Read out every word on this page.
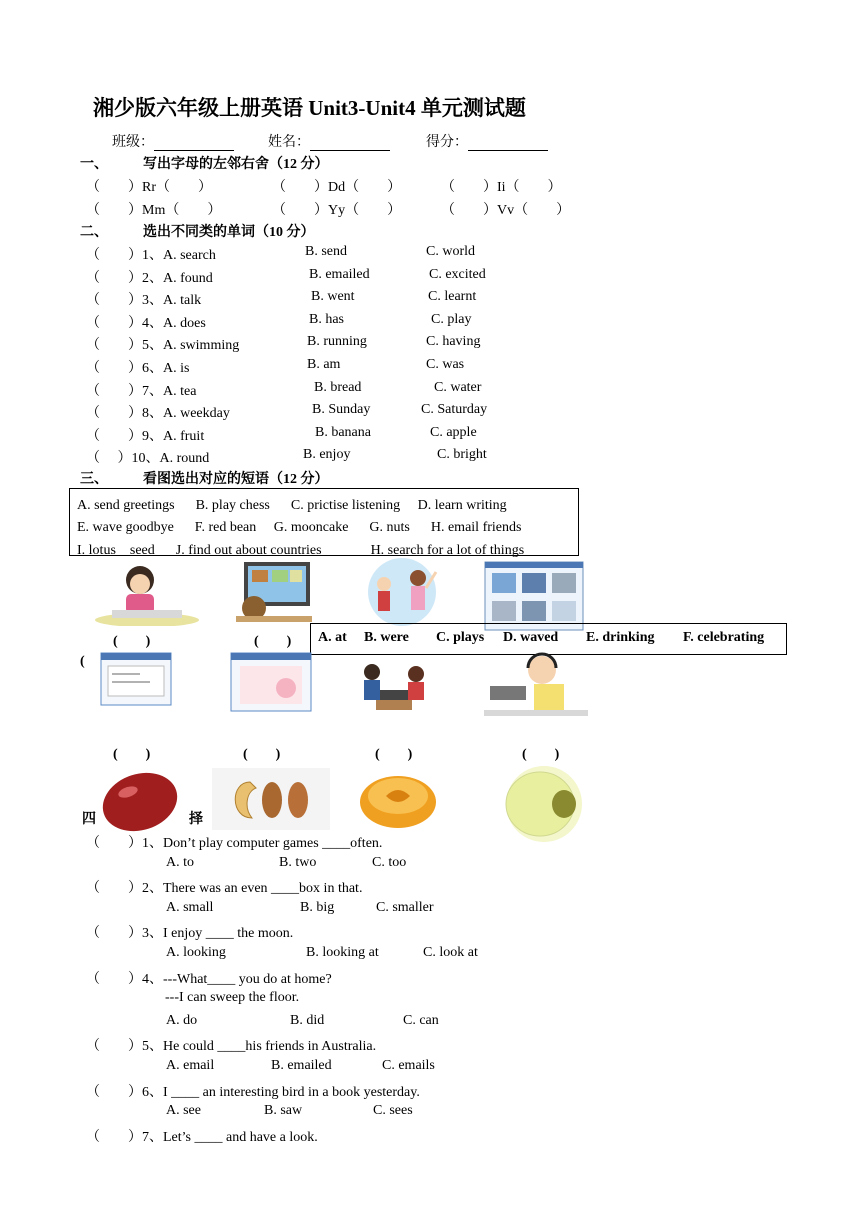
湘少版六年级上册英语 Unit3-Unit4 单元测试题
班级：	姓名：	得分：
一、	写出字母的左邻右舍（12 分）
（　　）Rr（　　）	（　　）Dd（　　）	（　　）Ii（　　）
（　　）Mm（　　）	（　　）Yy（　　）	（　　）Vv（　　）
二、	选出不同类的单词（10 分）
（　　）1、A. search	B. send	C. world
（　　）2、A. found	B. emailed	C. excited
（　　）3、A. talk	B. went	C. learnt
（　　）4、A. does	B. has	C. play
（　　）5、A. swimming	B. running	C. having
（　　）6、A. is	B. am	C. was
（　　）7、A. tea	B. bread	C. water
（　　）8、A. weekday	B. Sunday	C. Saturday
（　　）9、A. fruit	B. banana	C. apple
（　 ）10、A. round	B. enjoy	C. bright
三、	看图选出对应的短语（12 分）
A. send greetings 　 B. play chess 　 C. prictise listening 　D. learn writing
E. wave goodbye 　 F. red bean 　G. mooncake 　 G. nuts 　 H. email friends
I. lotus　seed 　 J. find out about countries 　　　 H. search for a lot of things
(　　)	(　　)
(
A. at B. were C. plays D. waved E. drinking F. celebrating
(　　)	(　　)	(　　)	(　　)
四	择
（　　）1、Don’t play computer games ____often.
A. to	B. two	C. too
（　　）2、There was an even ____box in that.
A. small	B. big	C. smaller
（　　）3、I enjoy ____ the moon.
A. looking	B. looking at	C. look at
（　　）4、---What____ you do at home?
---I can sweep the floor.
A. do	B. did	C. can
（　　）5、He could ____his friends in Australia.
A. email	B. emailed	C. emails
（　　）6、I ____ an interesting bird in a book yesterday.
A. see	B. saw	C. sees
（　　）7、Let’s ____ and have a look.
